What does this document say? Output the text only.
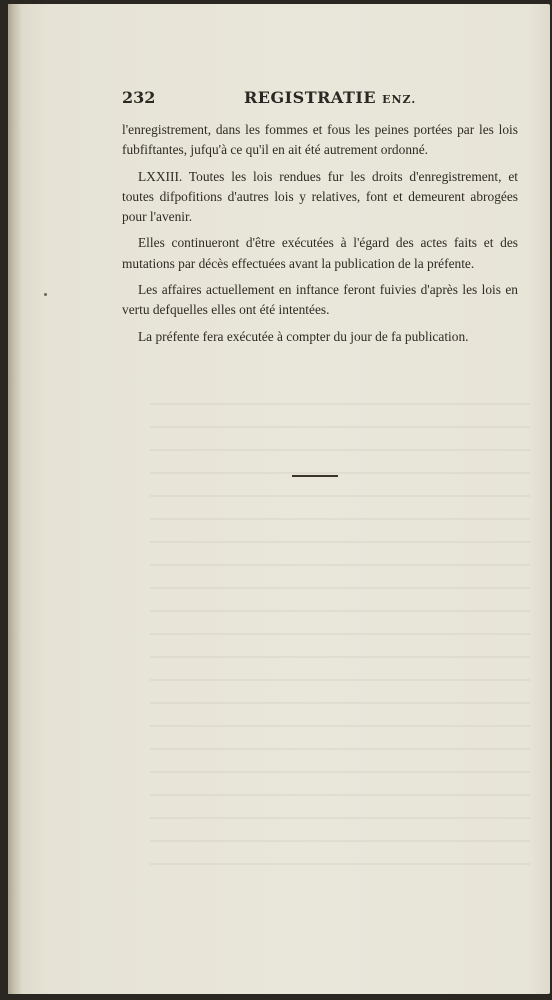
232	REGISTRATIE ENZ.

l'enregistrement, dans les fommes et fous les peines portées par les lois fubfiftantes, jufqu'à ce qu'il en ait été autrement ordonné.

LXXIII. Toutes les lois rendues fur les droits d'enregistrement, et toutes difpofitions d'autres lois y relatives, font et demeurent abrogées pour l'avenir.

Elles continueront d'être exécutées à l'égard des actes faits et des mutations par décès effectuées avant la publication de la préfente.

Les affaires actuellement en inftance feront fuivies d'après les lois en vertu defquelles elles ont été intentées.

La préfente fera exécutée à compter du jour de fa publication.
